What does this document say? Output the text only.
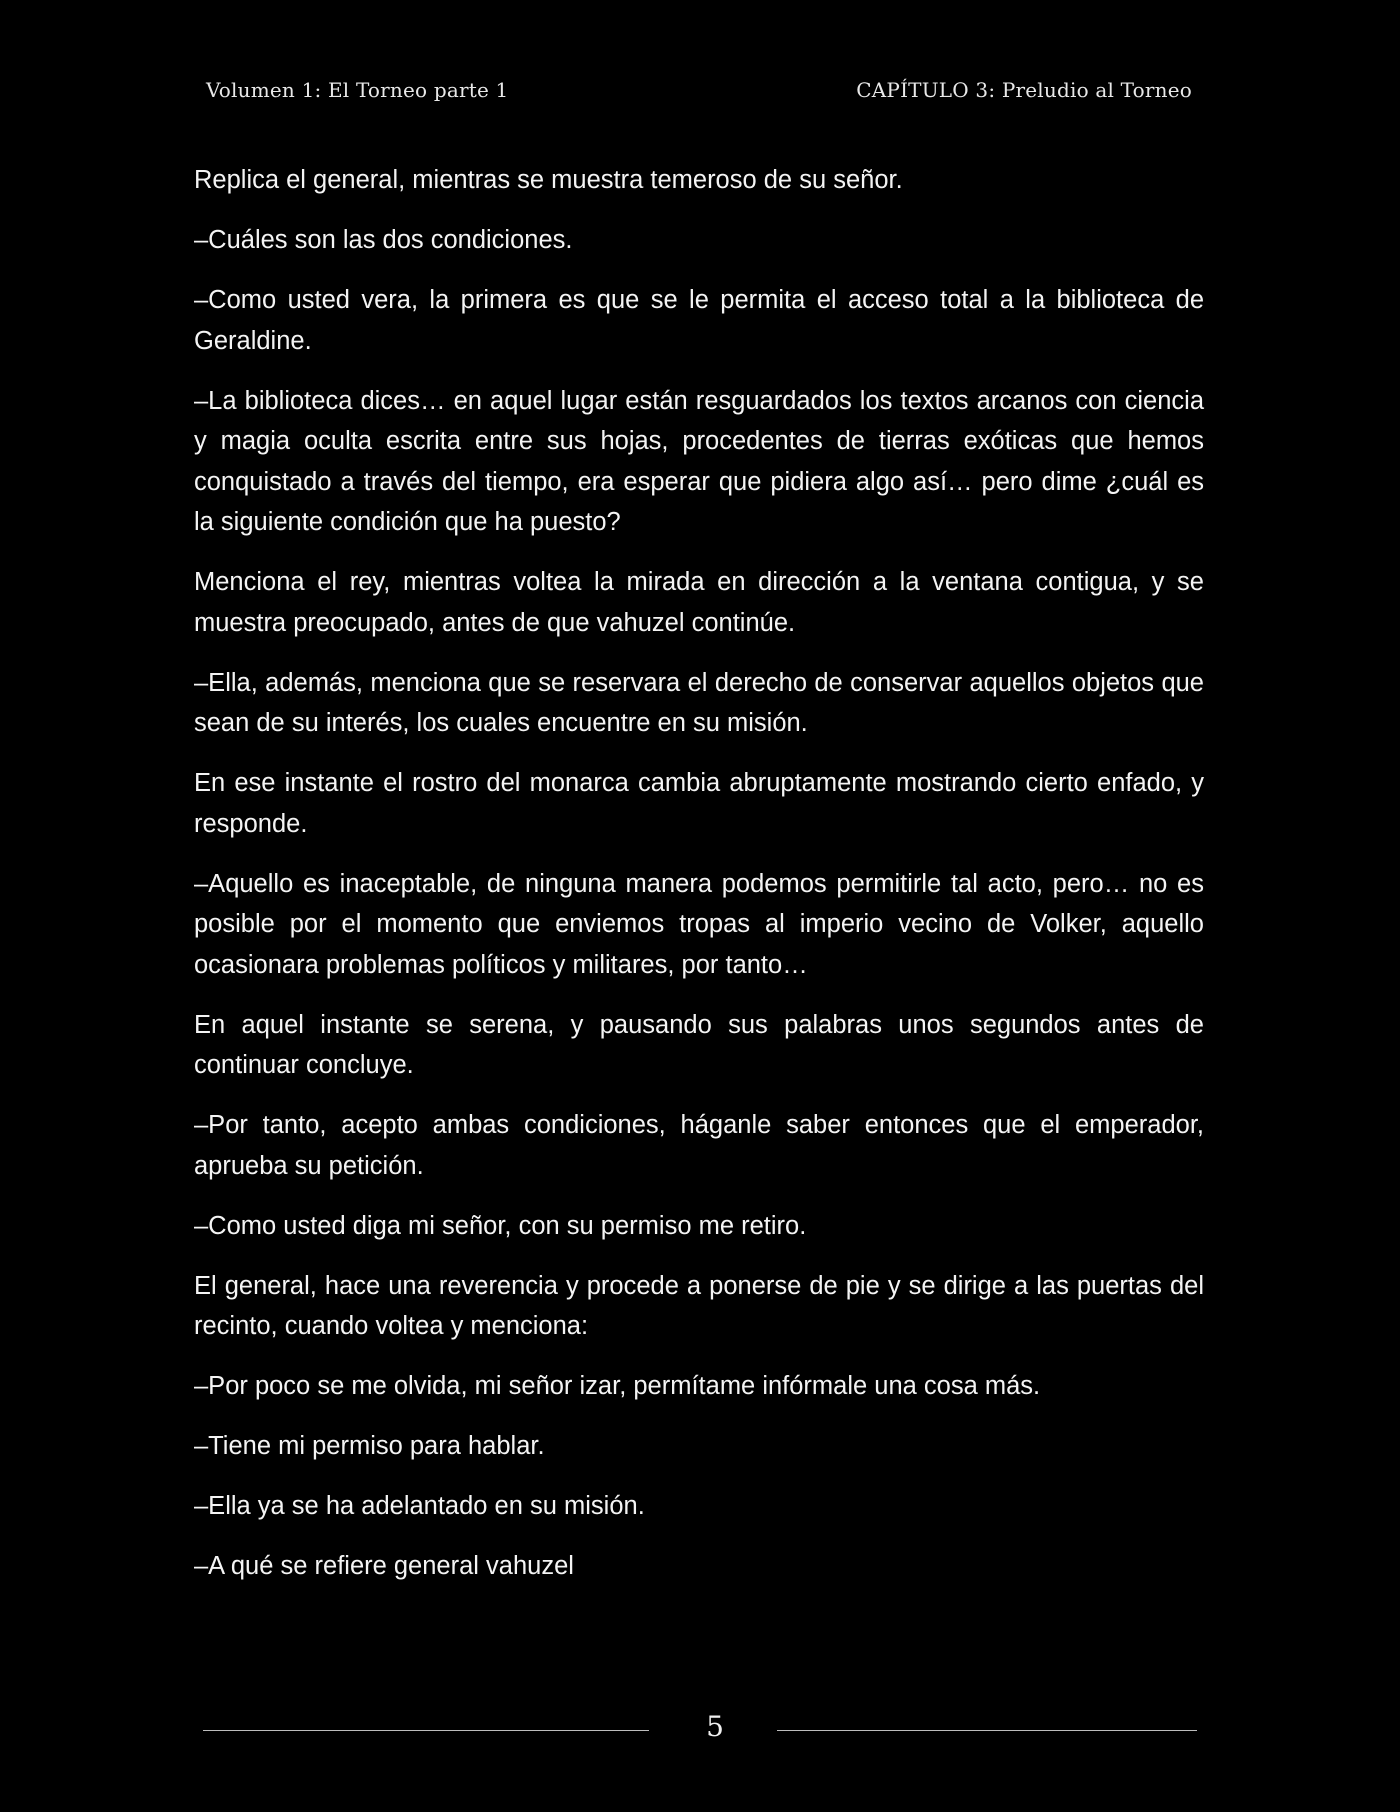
Volumen 1: El Torneo parte 1	CAPÍTULO 3: Preludio al Torneo

Replica el general, mientras se muestra temeroso de su señor.

–Cuáles son las dos condiciones.

–Como usted vera, la primera es que se le permita el acceso total a la biblioteca de Geraldine.

–La biblioteca dices… en aquel lugar están resguardados los textos arcanos con ciencia y magia oculta escrita entre sus hojas, procedentes de tierras exóticas que hemos conquistado a través del tiempo, era esperar que pidiera algo así… pero dime ¿cuál es la siguiente condición que ha puesto?

Menciona el rey, mientras voltea la mirada en dirección a la ventana contigua, y se muestra preocupado, antes de que vahuzel continúe.

–Ella, además, menciona que se reservara el derecho de conservar aquellos objetos que sean de su interés, los cuales encuentre en su misión.

En ese instante el rostro del monarca cambia abruptamente mostrando cierto enfado, y responde.

–Aquello es inaceptable, de ninguna manera podemos permitirle tal acto, pero… no es posible por el momento que enviemos tropas al imperio vecino de Volker, aquello ocasionara problemas políticos y militares, por tanto…

En aquel instante se serena, y pausando sus palabras unos segundos antes de continuar concluye.

–Por tanto, acepto ambas condiciones, háganle saber entonces que el emperador, aprueba su petición.

–Como usted diga mi señor, con su permiso me retiro.

El general, hace una reverencia y procede a ponerse de pie y se dirige a las puertas del recinto, cuando voltea y menciona:

–Por poco se me olvida, mi señor izar, permítame infórmale una cosa más.

–Tiene mi permiso para hablar.

–Ella ya se ha adelantado en su misión.

–A qué se refiere general vahuzel

5
